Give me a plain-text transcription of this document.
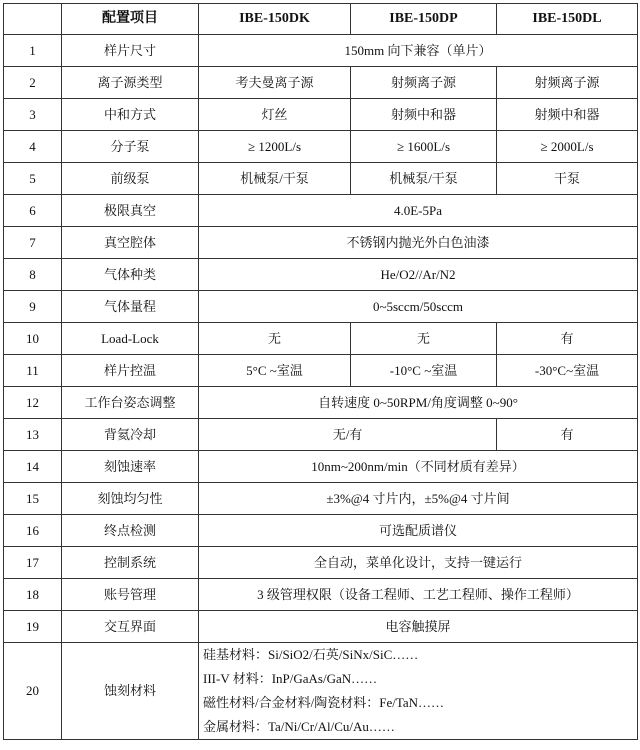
	配置项目	IBE-150DK	IBE-150DP	IBE-150DL
1	样片尺寸	150mm 向下兼容（单片）		
2	离子源类型	考夫曼离子源	射频离子源	射频离子源
3	中和方式	灯丝	射频中和器	射频中和器
4	分子泵	≥ 1200L/s	≥ 1600L/s	≥ 2000L/s
5	前级泵	机械泵/干泵	机械泵/干泵	干泵
6	极限真空	4.0E-5Pa		
7	真空腔体	不锈钢内抛光外白色油漆		
8	气体种类	He/O2//Ar/N2		
9	气体量程	0~5sccm/50sccm		
10	Load-Lock	无	无	有
11	样片控温	5°C ~室温	-10°C ~室温	-30°C~室温
12	工作台姿态调整	自转速度 0~50RPM/角度调整 0~90°		
13	背氦冷却	无/有		有
14	刻蚀速率	10nm~200nm/min（不同材质有差异）		
15	刻蚀均匀性	±3%@4 寸片内，±5%@4 寸片间		
16	终点检测	可选配质谱仪		
17	控制系统	全自动，菜单化设计，支持一键运行		
18	账号管理	3 级管理权限（设备工程师、工艺工程师、操作工程师）		
19	交互界面	电容触摸屏		
20	蚀刻材料	硅基材料：Si/SiO2/石英/SiNx/SiC……
III-V 材料：InP/GaAs/GaN……
磁性材料/合金材料/陶瓷材料：Fe/TaN……
金属材料：Ta/Ni/Cr/Al/Cu/Au……		
